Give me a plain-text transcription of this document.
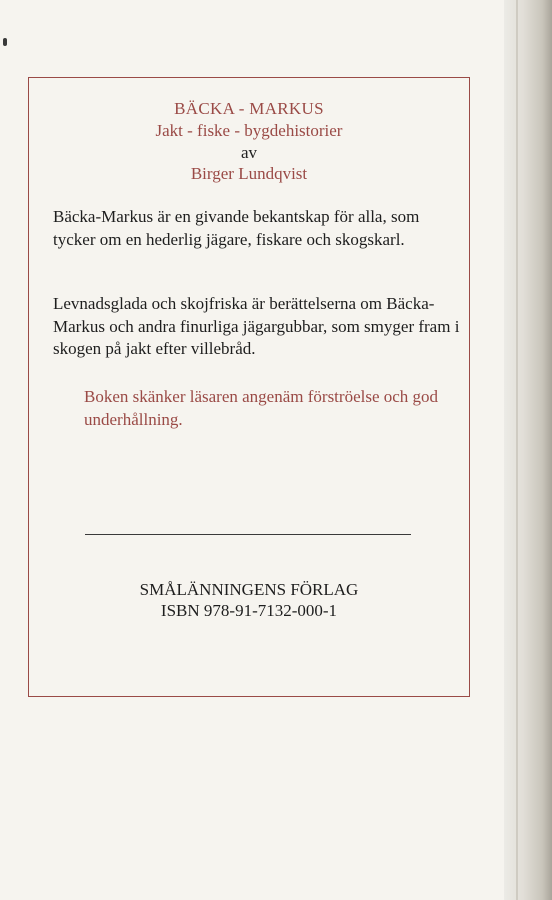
BÄCKA - MARKUS
Jakt - fiske - bygdehistorier
av
Birger Lundqvist
Bäcka-Markus är en givande bekantskap för alla, som tycker om en hederlig jägare, fiskare och skogskarl.
Levnadsglada och skojfriska är berättelserna om Bäcka-Markus och andra finurliga jägargubbar, som smyger fram i skogen på jakt efter villebråd.
Boken skänker läsaren angenäm förströelse och god underhållning.
SMÅLÄNNINGENS FÖRLAG
ISBN 978-91-7132-000-1
